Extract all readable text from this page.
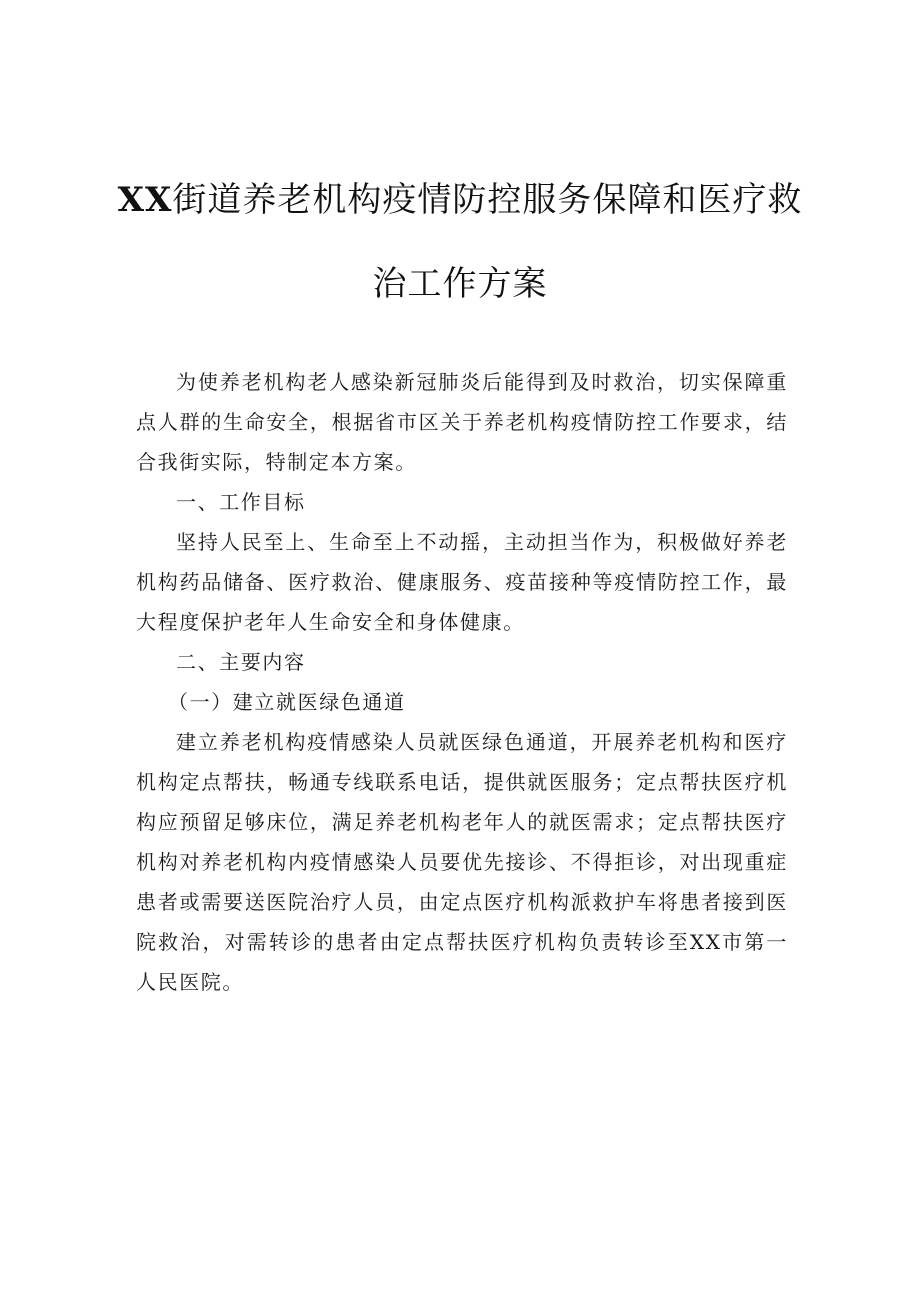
XX街道养老机构疫情防控服务保障和医疗救
治工作方案

为使养老机构老人感染新冠肺炎后能得到及时救治，切实保障重点人群的生命安全，根据省市区关于养老机构疫情防控工作要求，结合我街实际，特制定本方案。

一、工作目标

坚持人民至上、生命至上不动摇，主动担当作为，积极做好养老机构药品储备、医疗救治、健康服务、疫苗接种等疫情防控工作，最大程度保护老年人生命安全和身体健康。

二、主要内容

（一）建立就医绿色通道

建立养老机构疫情感染人员就医绿色通道，开展养老机构和医疗机构定点帮扶，畅通专线联系电话，提供就医服务；定点帮扶医疗机构应预留足够床位，满足养老机构老年人的就医需求；定点帮扶医疗机构对养老机构内疫情感染人员要优先接诊、不得拒诊，对出现重症患者或需要送医院治疗人员，由定点医疗机构派救护车将患者接到医院救治，对需转诊的患者由定点帮扶医疗机构负责转诊至XX市第一人民医院。
